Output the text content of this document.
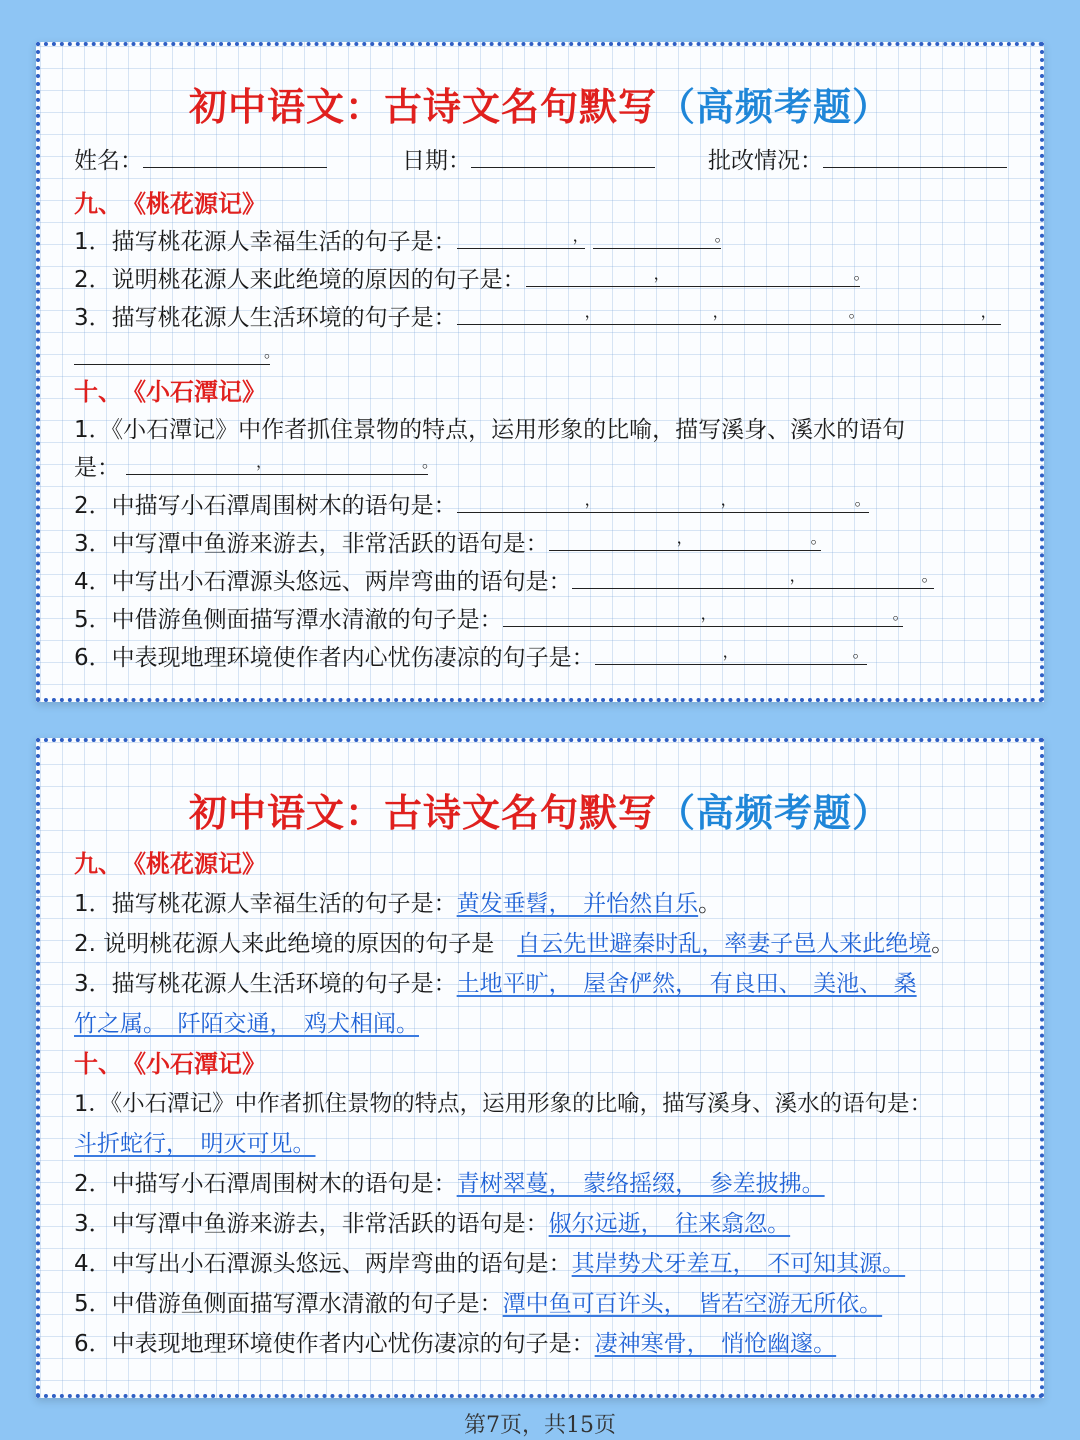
初中语文：古诗文名句默写（高频考题）
姓名：	日期：	批改情况：
九、　《桃花源记》
1．描写桃花源人幸福生活的句子是：	，	。
2．说明桃花源人来此绝境的原因的句子是：	，	。
3．描写桃花源人生活环境的句子是：	，	，	。	，
。
十、　《小石潭记》
1．《小石潭记》中作者抓住景物的特点，运用形象的比喻，描写溪身、溪水的语句
是：	，	。
2．中描写小石潭周围树木的语句是：	，	，	。
3．中写潭中鱼游来游去，非常活跃的语句是：	，	。
4．中写出小石潭源头悠远、两岸弯曲的语句是：	，	。
5．中借游鱼侧面描写潭水清澈的句子是：	，	。
6．中表现地理环境使作者内心忧伤凄凉的句子是：	，	。
初中语文：古诗文名句默写（高频考题）
九、　《桃花源记》
1．描写桃花源人幸福生活的句子是：黄发垂髫，　并怡然自乐。
2. 说明桃花源人来此绝境的原因的句子是　 自云先世避秦时乱，率妻子邑人来此绝境。
3．描写桃花源人生活环境的句子是：土地平旷，　屋舍俨然，　有良田、　美池、　桑
竹之属。　阡陌交通，　鸡犬相闻。
十、　《小石潭记》
1．《小石潭记》中作者抓住景物的特点，运用形象的比喻，描写溪身、溪水的语句是：
斗折蛇行，　明灭可见。
2．中描写小石潭周围树木的语句是：青树翠蔓，　蒙络摇缀，　参差披拂。
3．中写潭中鱼游来游去，非常活跃的语句是：俶尔远逝，　往来翕忽。
4．中写出小石潭源头悠远、两岸弯曲的语句是：其岸势犬牙差互，　不可知其源。
5．中借游鱼侧面描写潭水清澈的句子是：潭中鱼可百许头，　皆若空游无所依。
6．中表现地理环境使作者内心忧伤凄凉的句子是：凄神寒骨，　悄怆幽邃。
第7页，共15页
